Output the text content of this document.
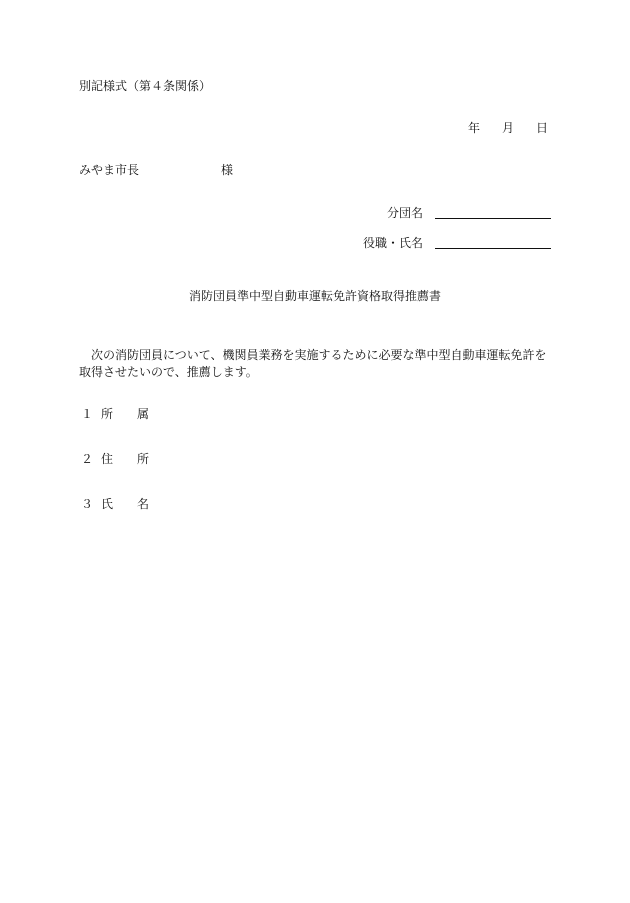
別記様式（第４条関係）
年 月 日
みやま市長	様
分団名
役職・氏名
消防団員準中型自動車運転免許資格取得推薦書
次の消防団員について、機関員業務を実施するために必要な準中型自動車運転免許を取得させたいので、推薦します。
１ 所	属
２ 住	所
３ 氏	名
